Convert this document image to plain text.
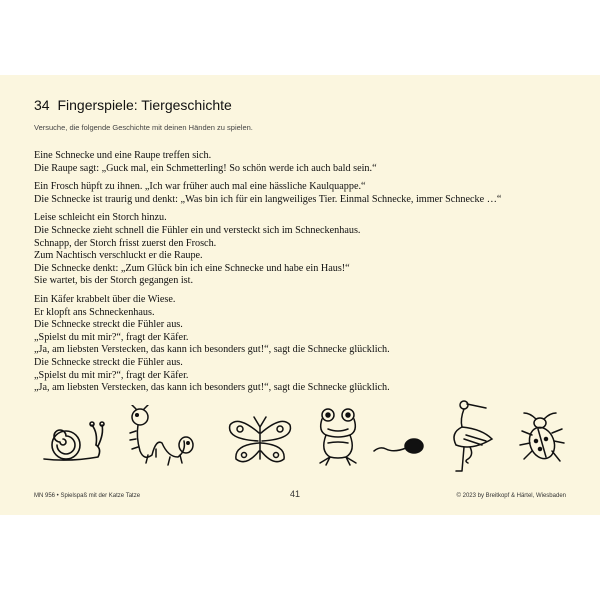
34 Fingerspiele: Tiergeschichte

Versuche, die folgende Geschichte mit deinen Händen zu spielen.

Eine Schnecke und eine Raupe treffen sich.
Die Raupe sagt: „Guck mal, ein Schmetterling! So schön werde ich auch bald sein.“

Ein Frosch hüpft zu ihnen. „Ich war früher auch mal eine hässliche Kaulquappe.“
Die Schnecke ist traurig und denkt: „Was bin ich für ein langweiliges Tier. Einmal Schnecke, immer Schnecke …“

Leise schleicht ein Storch hinzu.
Die Schnecke zieht schnell die Fühler ein und versteckt sich im Schneckenhaus.
Schnapp, der Storch frisst zuerst den Frosch.
Zum Nachtisch verschluckt er die Raupe.
Die Schnecke denkt: „Zum Glück bin ich eine Schnecke und habe ein Haus!“
Sie wartet, bis der Storch gegangen ist.

Ein Käfer krabbelt über die Wiese.
Er klopft ans Schneckenhaus.
Die Schnecke streckt die Fühler aus.
„Spielst du mit mir?“, fragt der Käfer.
„Ja, am liebsten Verstecken, das kann ich besonders gut!“, sagt die Schnecke glücklich.
Die Schnecke streckt die Fühler aus.
„Spielst du mit mir?“, fragt der Käfer.
„Ja, am liebsten Verstecken, das kann ich besonders gut!“, sagt die Schnecke glücklich.

MN 956 • Spielspaß mit der Katze Tatze	41	© 2023 by Breitkopf & Härtel, Wiesbaden
